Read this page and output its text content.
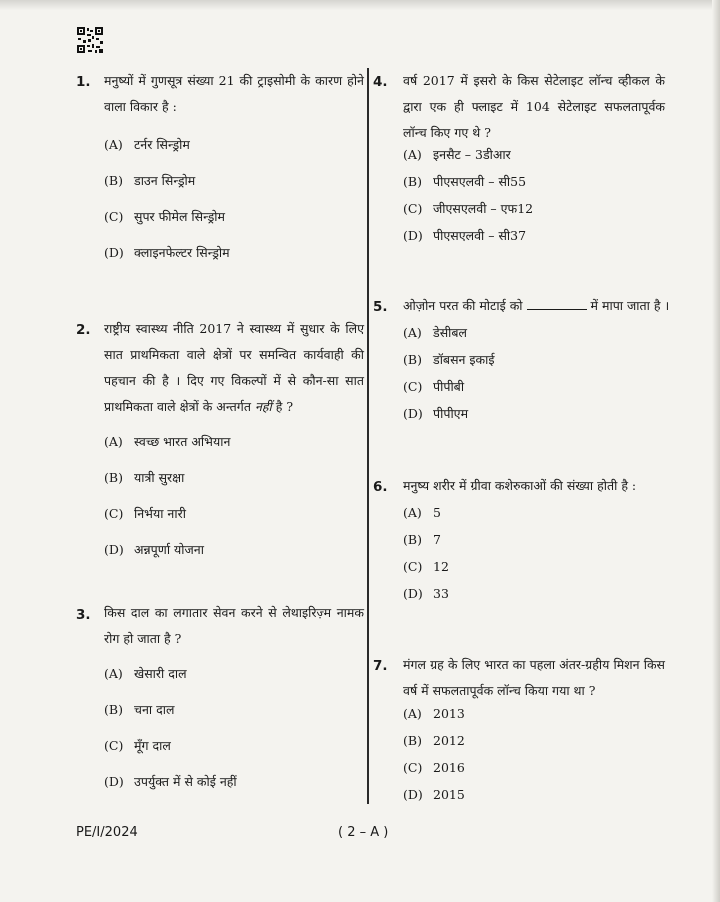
1. मनुष्यों में गुणसूत्र संख्या 21 की ट्राइसोमी के कारण होने वाला विकार है :
(A) टर्नर सिन्ड्रोम
(B) डाउन सिन्ड्रोम
(C) सुपर फीमेल सिन्ड्रोम
(D) क्लाइनफेल्टर सिन्ड्रोम
2. राष्ट्रीय स्वास्थ्य नीति 2017 ने स्वास्थ्य में सुधार के लिए सात प्राथमिकता वाले क्षेत्रों पर समन्वित कार्यवाही की पहचान की है । दिए गए विकल्पों में से कौन-सा सात प्राथमिकता वाले क्षेत्रों के अन्तर्गत नहीं है ?
(A) स्वच्छ भारत अभियान
(B) यात्री सुरक्षा
(C) निर्भया नारी
(D) अन्नपूर्णा योजना
3. किस दाल का लगातार सेवन करने से लेथाइरिज़्म नामक रोग हो जाता है ?
(A) खेसारी दाल
(B) चना दाल
(C) मूँग दाल
(D) उपर्युक्त में से कोई नहीं
4. वर्ष 2017 में इसरो के किस सेटेलाइट लॉन्च व्हीकल के द्वारा एक ही फ्लाइट में 104 सेटेलाइट सफलतापूर्वक लॉन्च किए गए थे ?
(A) इनसैट – 3डीआर
(B) पीएसएलवी – सी55
(C) जीएसएलवी – एफ12
(D) पीएसएलवी – सी37
5. ओज़ोन परत की मोटाई को	में मापा जाता है ।
(A) डेसीबल
(B) डॉबसन इकाई
(C) पीपीबी
(D) पीपीएम
6. मनुष्य शरीर में ग्रीवा कशेरुकाओं की संख्या होती है :
(A) 5
(B) 7
(C) 12
(D) 33
7. मंगल ग्रह के लिए भारत का पहला अंतर-ग्रहीय मिशन किस वर्ष में सफलतापूर्वक लॉन्च किया गया था ?
(A) 2013
(B) 2012
(C) 2016
(D) 2015
PE/I/2024	( 2 – A )
